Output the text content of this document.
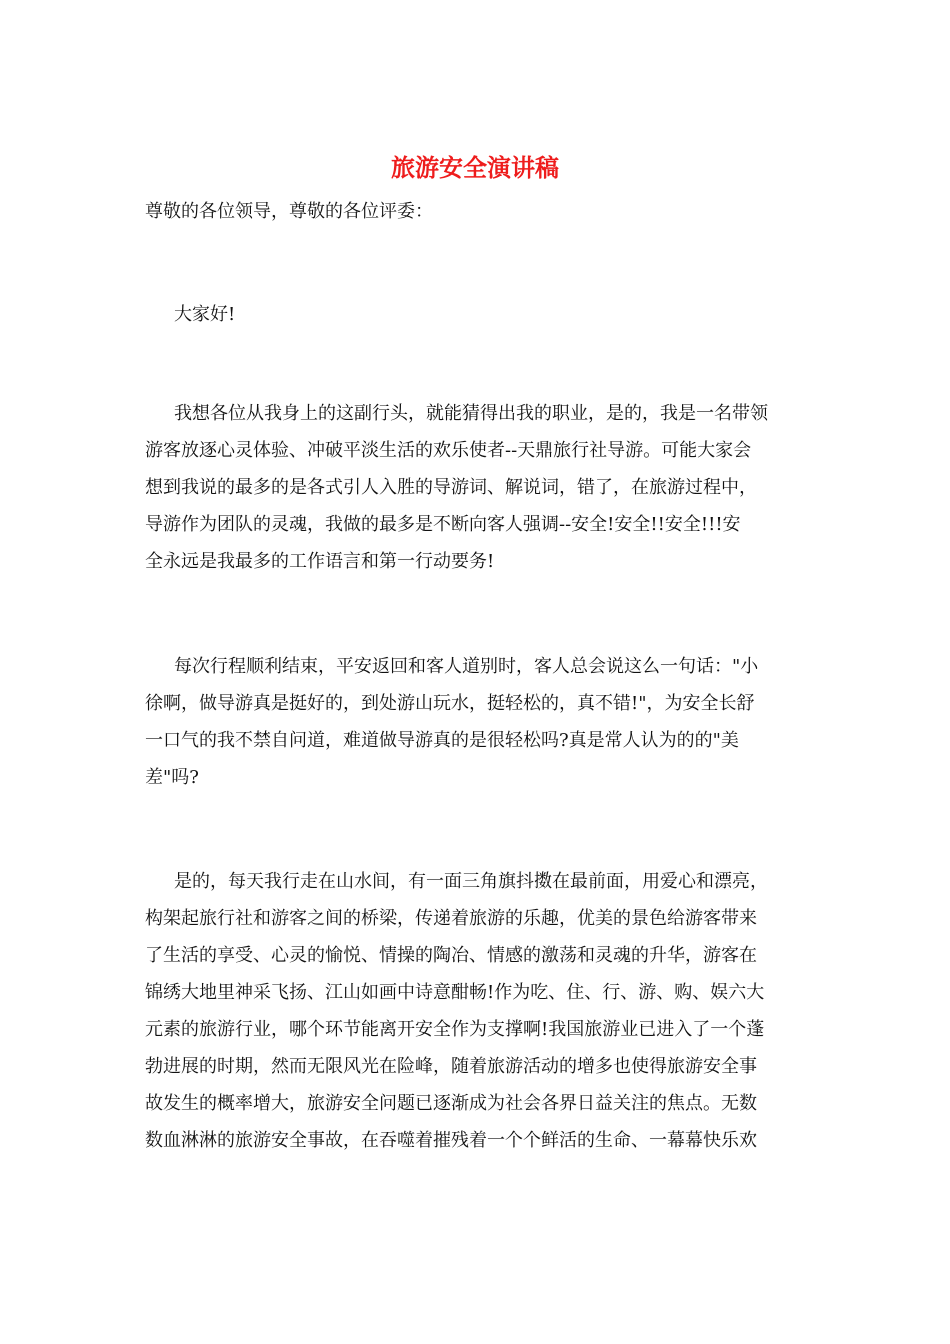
旅游安全演讲稿
尊敬的各位领导，尊敬的各位评委：
大家好!
我想各位从我身上的这副行头，就能猜得出我的职业，是的，我是一名带领
游客放逐心灵体验、冲破平淡生活的欢乐使者--天鼎旅行社导游。可能大家会
想到我说的最多的是各式引人入胜的导游词、解说词，错了，在旅游过程中，
导游作为团队的灵魂，我做的最多是不断向客人强调--安全!安全!!安全!!!安
全永远是我最多的工作语言和第一行动要务!
每次行程顺利结束，平安返回和客人道别时，客人总会说这么一句话："小
徐啊，做导游真是挺好的，到处游山玩水，挺轻松的，真不错!"，为安全长舒
一口气的我不禁自问道，难道做导游真的是很轻松吗?真是常人认为的的"美
差"吗?
是的，每天我行走在山水间，有一面三角旗抖擞在最前面，用爱心和漂亮，
构架起旅行社和游客之间的桥梁，传递着旅游的乐趣，优美的景色给游客带来
了生活的享受、心灵的愉悦、情操的陶冶、情感的激荡和灵魂的升华，游客在
锦绣大地里神采飞扬、江山如画中诗意酣畅!作为吃、住、行、游、购、娱六大
元素的旅游行业，哪个环节能离开安全作为支撑啊!我国旅游业已进入了一个蓬
勃进展的时期，然而无限风光在险峰，随着旅游活动的增多也使得旅游安全事
故发生的概率增大，旅游安全问题已逐渐成为社会各界日益关注的焦点。无数
数血淋淋的旅游安全事故，在吞噬着摧残着一个个鲜活的生命、一幕幕快乐欢
